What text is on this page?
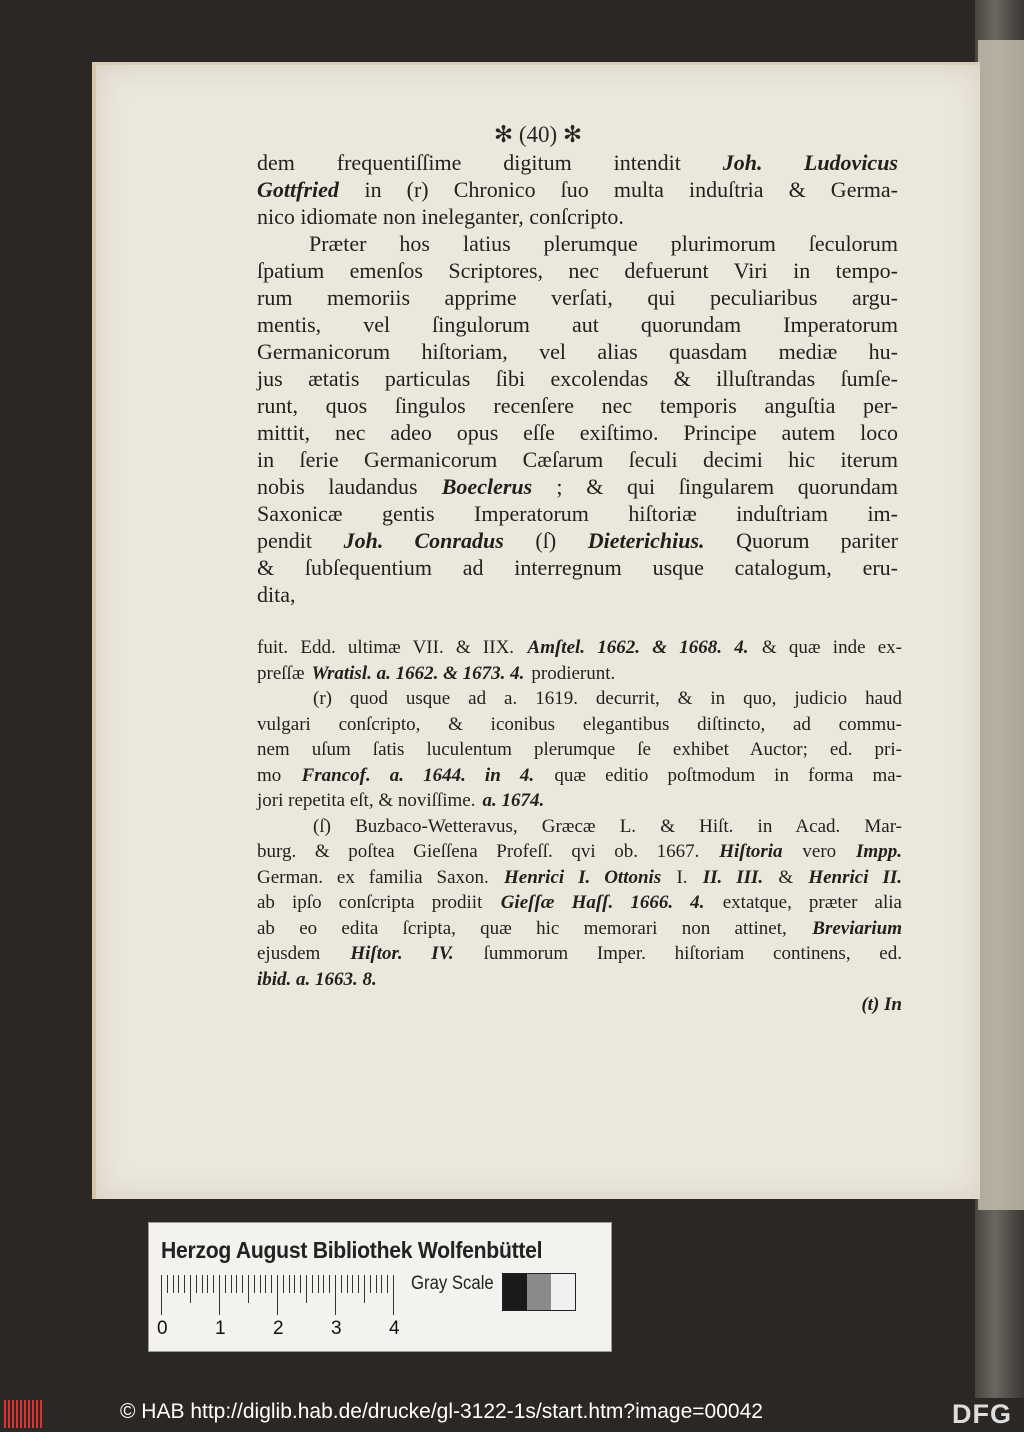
✻ (40) ✻
dem frequentiſſime digitum intendit Joh. Ludovicus
Gottfried in (r) Chronico ſuo multa induſtria & Germa-
nico idiomate non ineleganter, conſcripto.
Præter hos latius plerumque plurimorum ſeculorum
ſpatium emenſos Scriptores, nec defuerunt Viri in tempo-
rum memoriis apprime verſati, qui peculiaribus argu-
mentis, vel ſingulorum aut quorundam Imperatorum
Germanicorum hiſtoriam, vel alias quasdam mediæ hu-
jus ætatis particulas ſibi excolendas & illuſtrandas ſumſe-
runt, quos ſingulos recenſere nec temporis anguſtia per-
mittit, nec adeo opus eſſe exiſtimo. Principe autem loco
in ſerie Germanicorum Cæſarum ſeculi decimi hic iterum
nobis laudandus Boeclerus ; & qui ſingularem quorundam
Saxonicæ gentis Imperatorum hiſtoriæ induſtriam im-
pendit Joh. Conradus (ſ) Dieterichius. Quorum pariter
& ſubſequentium ad interregnum usque catalogum, eru-
dita,
fuit. Edd. ultimæ VII. & IIX. Amſtel. 1662. & 1668. 4. & quæ inde ex-
preſſæ Wratisl. a. 1662. & 1673. 4. prodierunt.
(r) quod usque ad a. 1619. decurrit, & in quo, judicio haud
vulgari conſcripto, & iconibus elegantibus diſtincto, ad commu-
nem uſum ſatis luculentum plerumque ſe exhibet Auctor; ed. pri-
mo Francof. a. 1644. in 4. quæ editio poſtmodum in forma ma-
jori repetita eſt, & noviſſime. a. 1674.
(ſ) Buzbaco-Wetteravus, Græcæ L. & Hiſt. in Acad. Mar-
burg. & poſtea Gieſſena Profeſſ. qvi ob. 1667. Hiſtoria vero Impp.
German. ex familia Saxon. Henrici I. Ottonis I. II. III. & Henrici II.
ab ipſo conſcripta prodiit Gieſſæ Haſſ. 1666. 4. extatque, præter alia
ab eo edita ſcripta, quæ hic memorari non attinet, Breviarium
ejusdem Hiſtor. IV. ſummorum Imper. hiſtoriam continens, ed.
ibid. a. 1663. 8.
(t) In
Herzog August Bibliothek Wolfenbüttel
0 1 2 3 4
Gray Scale
© HAB http://diglib.hab.de/drucke/gl-3122-1s/start.htm?image=00042	DFG
